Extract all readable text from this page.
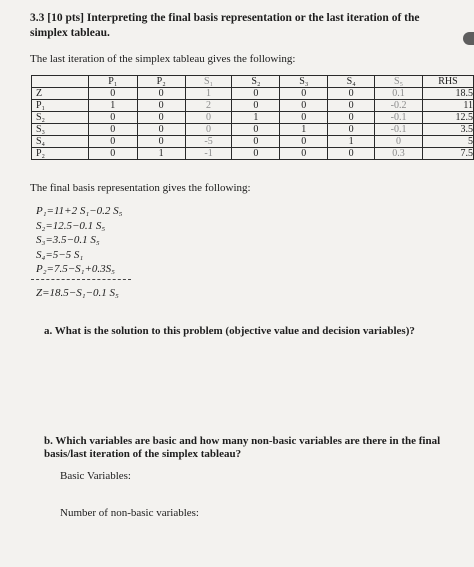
3.3 [10 pts] Interpreting the final basis representation or the last iteration of the simplex tableau.
The last iteration of the simplex tableau gives the following:
	P₁	P₂	S₁	S₂	S₃	S₄	S₅	RHS
Z	0	0	1	0	0	0	0.1	18.5
P₁	1	0	2	0	0	0	-0.2	11
S₂	0	0	0	1	0	0	-0.1	12.5
S₃	0	0	0	0	1	0	-0.1	3.5
S₄	0	0	-5	0	0	1	0	5
P₂	0	1	-1	0	0	0	0.3	7.5
The final basis representation gives the following:
P₁=11+2 S₁−0.2 S₅
S₂=12.5−0.1 S₅
S₃=3.5−0.1 S₅
S₄=5−5 S₁
P₂=7.5−S₁+0.3S₅
Z=18.5−S₁−0.1 S₅
a. What is the solution to this problem (objective value and decision variables)?
b. Which variables are basic and how many non-basic variables are there in the final basis/last iteration of the simplex tableau?
Basic Variables:
Number of non-basic variables:
